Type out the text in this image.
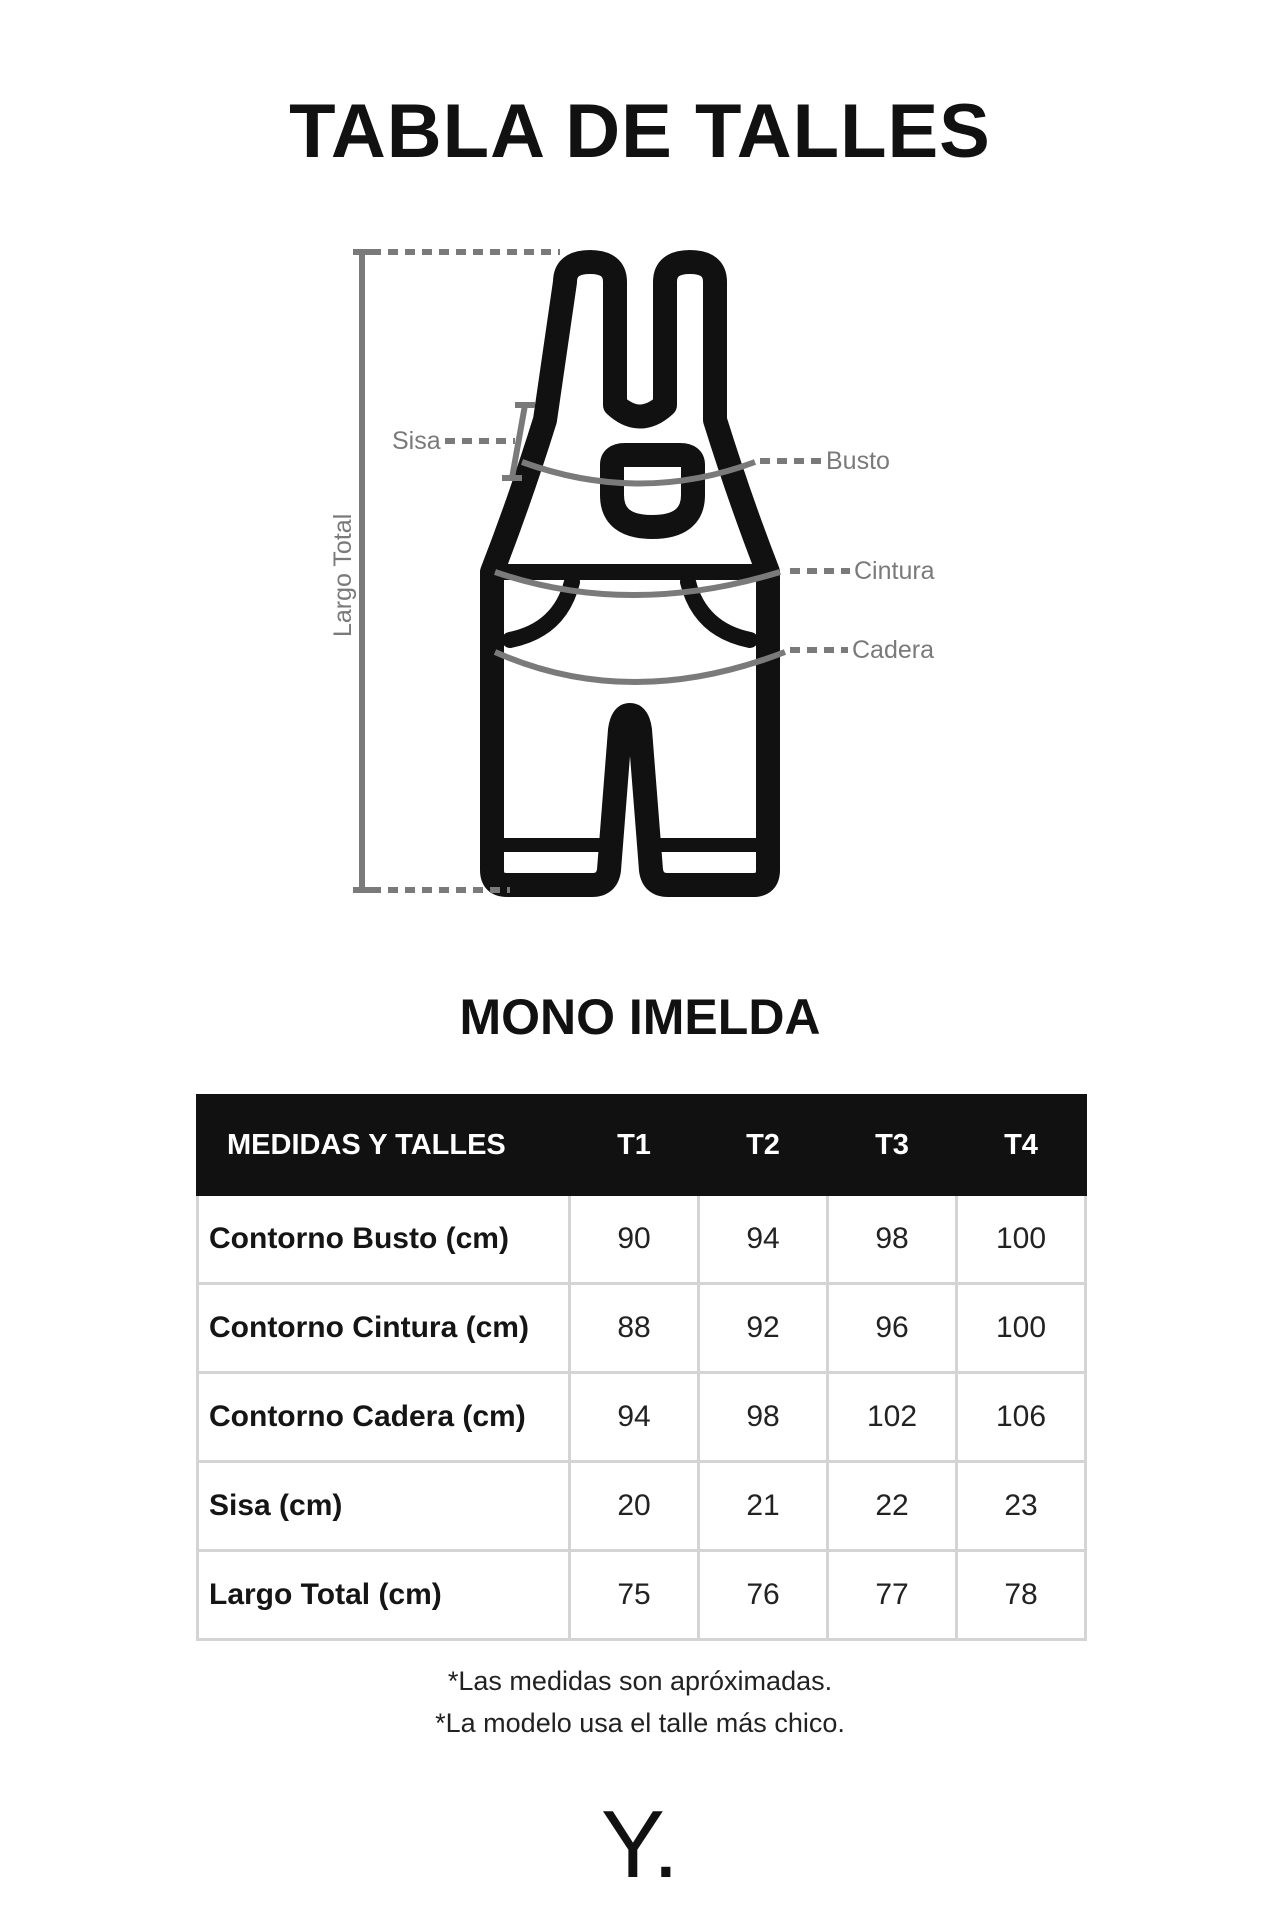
TABLA DE TALLES
Largo Total
Sisa
Busto
Cintura
Cadera
MONO IMELDA
MEDIDAS Y TALLES	T1	T2	T3	T4
Contorno Busto (cm)	90	94	98	100
Contorno Cintura (cm)	88	92	96	100
Contorno Cadera (cm)	94	98	102	106
Sisa (cm)	20	21	22	23
Largo Total (cm)	75	76	77	78
*Las medidas son apróximadas.
*La modelo usa el talle más chico.
Y.
